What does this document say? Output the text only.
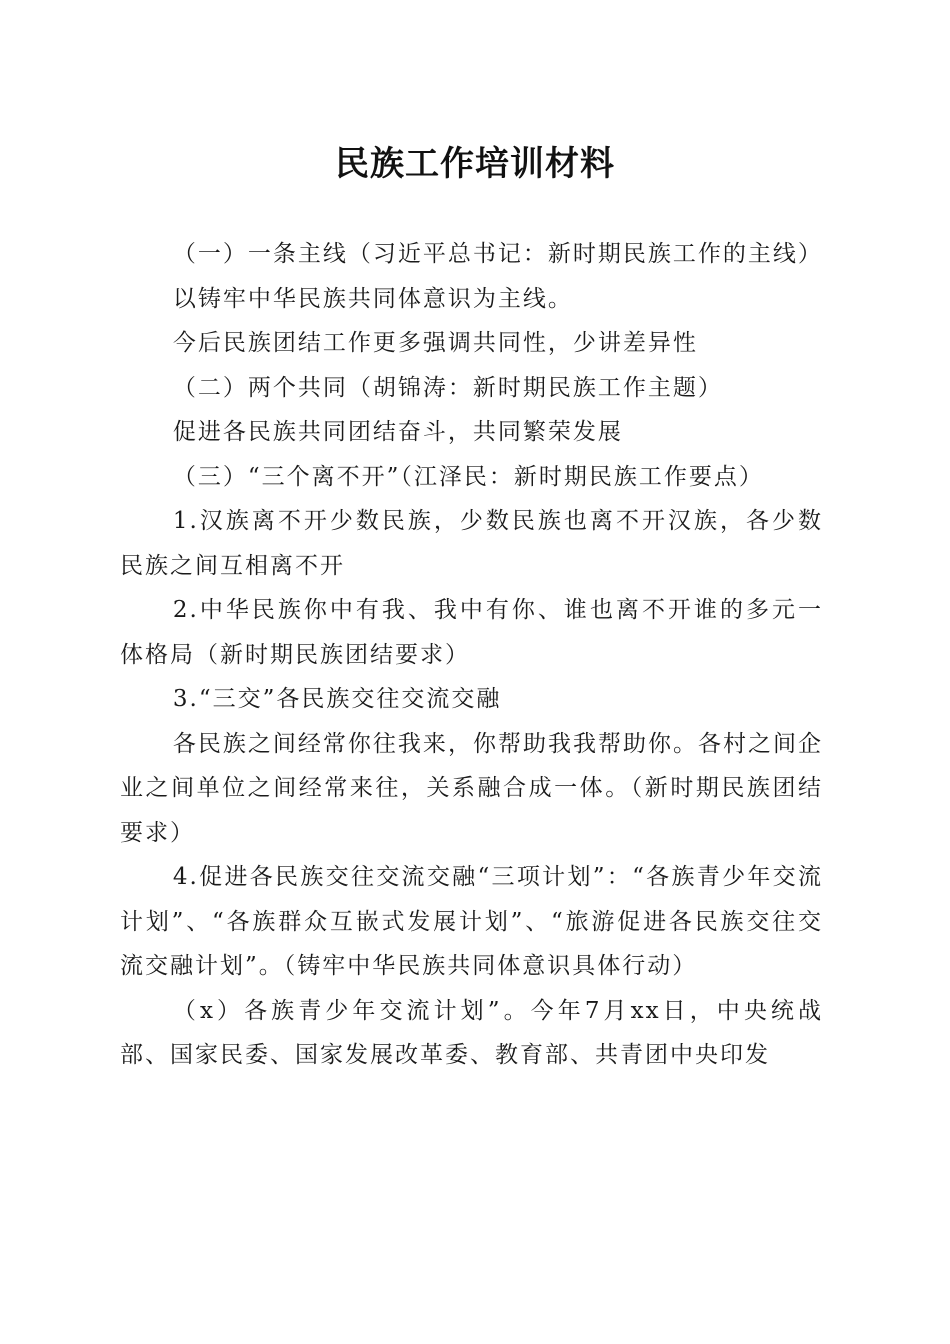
民族工作培训材料

（一）一条主线（习近平总书记：新时期民族工作的主线）

以铸牢中华民族共同体意识为主线。

今后民族团结工作更多强调共同性，少讲差异性

（二）两个共同（胡锦涛：新时期民族工作主题）

促进各民族共同团结奋斗，共同繁荣发展

（三）“三个离不开”（江泽民：新时期民族工作要点）

1.汉族离不开少数民族，少数民族也离不开汉族，各少数民族之间互相离不开

2.中华民族你中有我、我中有你、谁也离不开谁的多元一体格局（新时期民族团结要求）

3.“三交”各民族交往交流交融

各民族之间经常你往我来，你帮助我我帮助你。各村之间企业之间单位之间经常来往，关系融合成一体。（新时期民族团结要求）

4.促进各民族交往交流交融“三项计划”：“各族青少年交流计划”、“各族群众互嵌式发展计划”、“旅游促进各民族交往交流交融计划”。（铸牢中华民族共同体意识具体行动）

（x）各族青少年交流计划”。今年7月xx日，中央统战部、国家民委、国家发展改革委、教育部、共青团中央印发
